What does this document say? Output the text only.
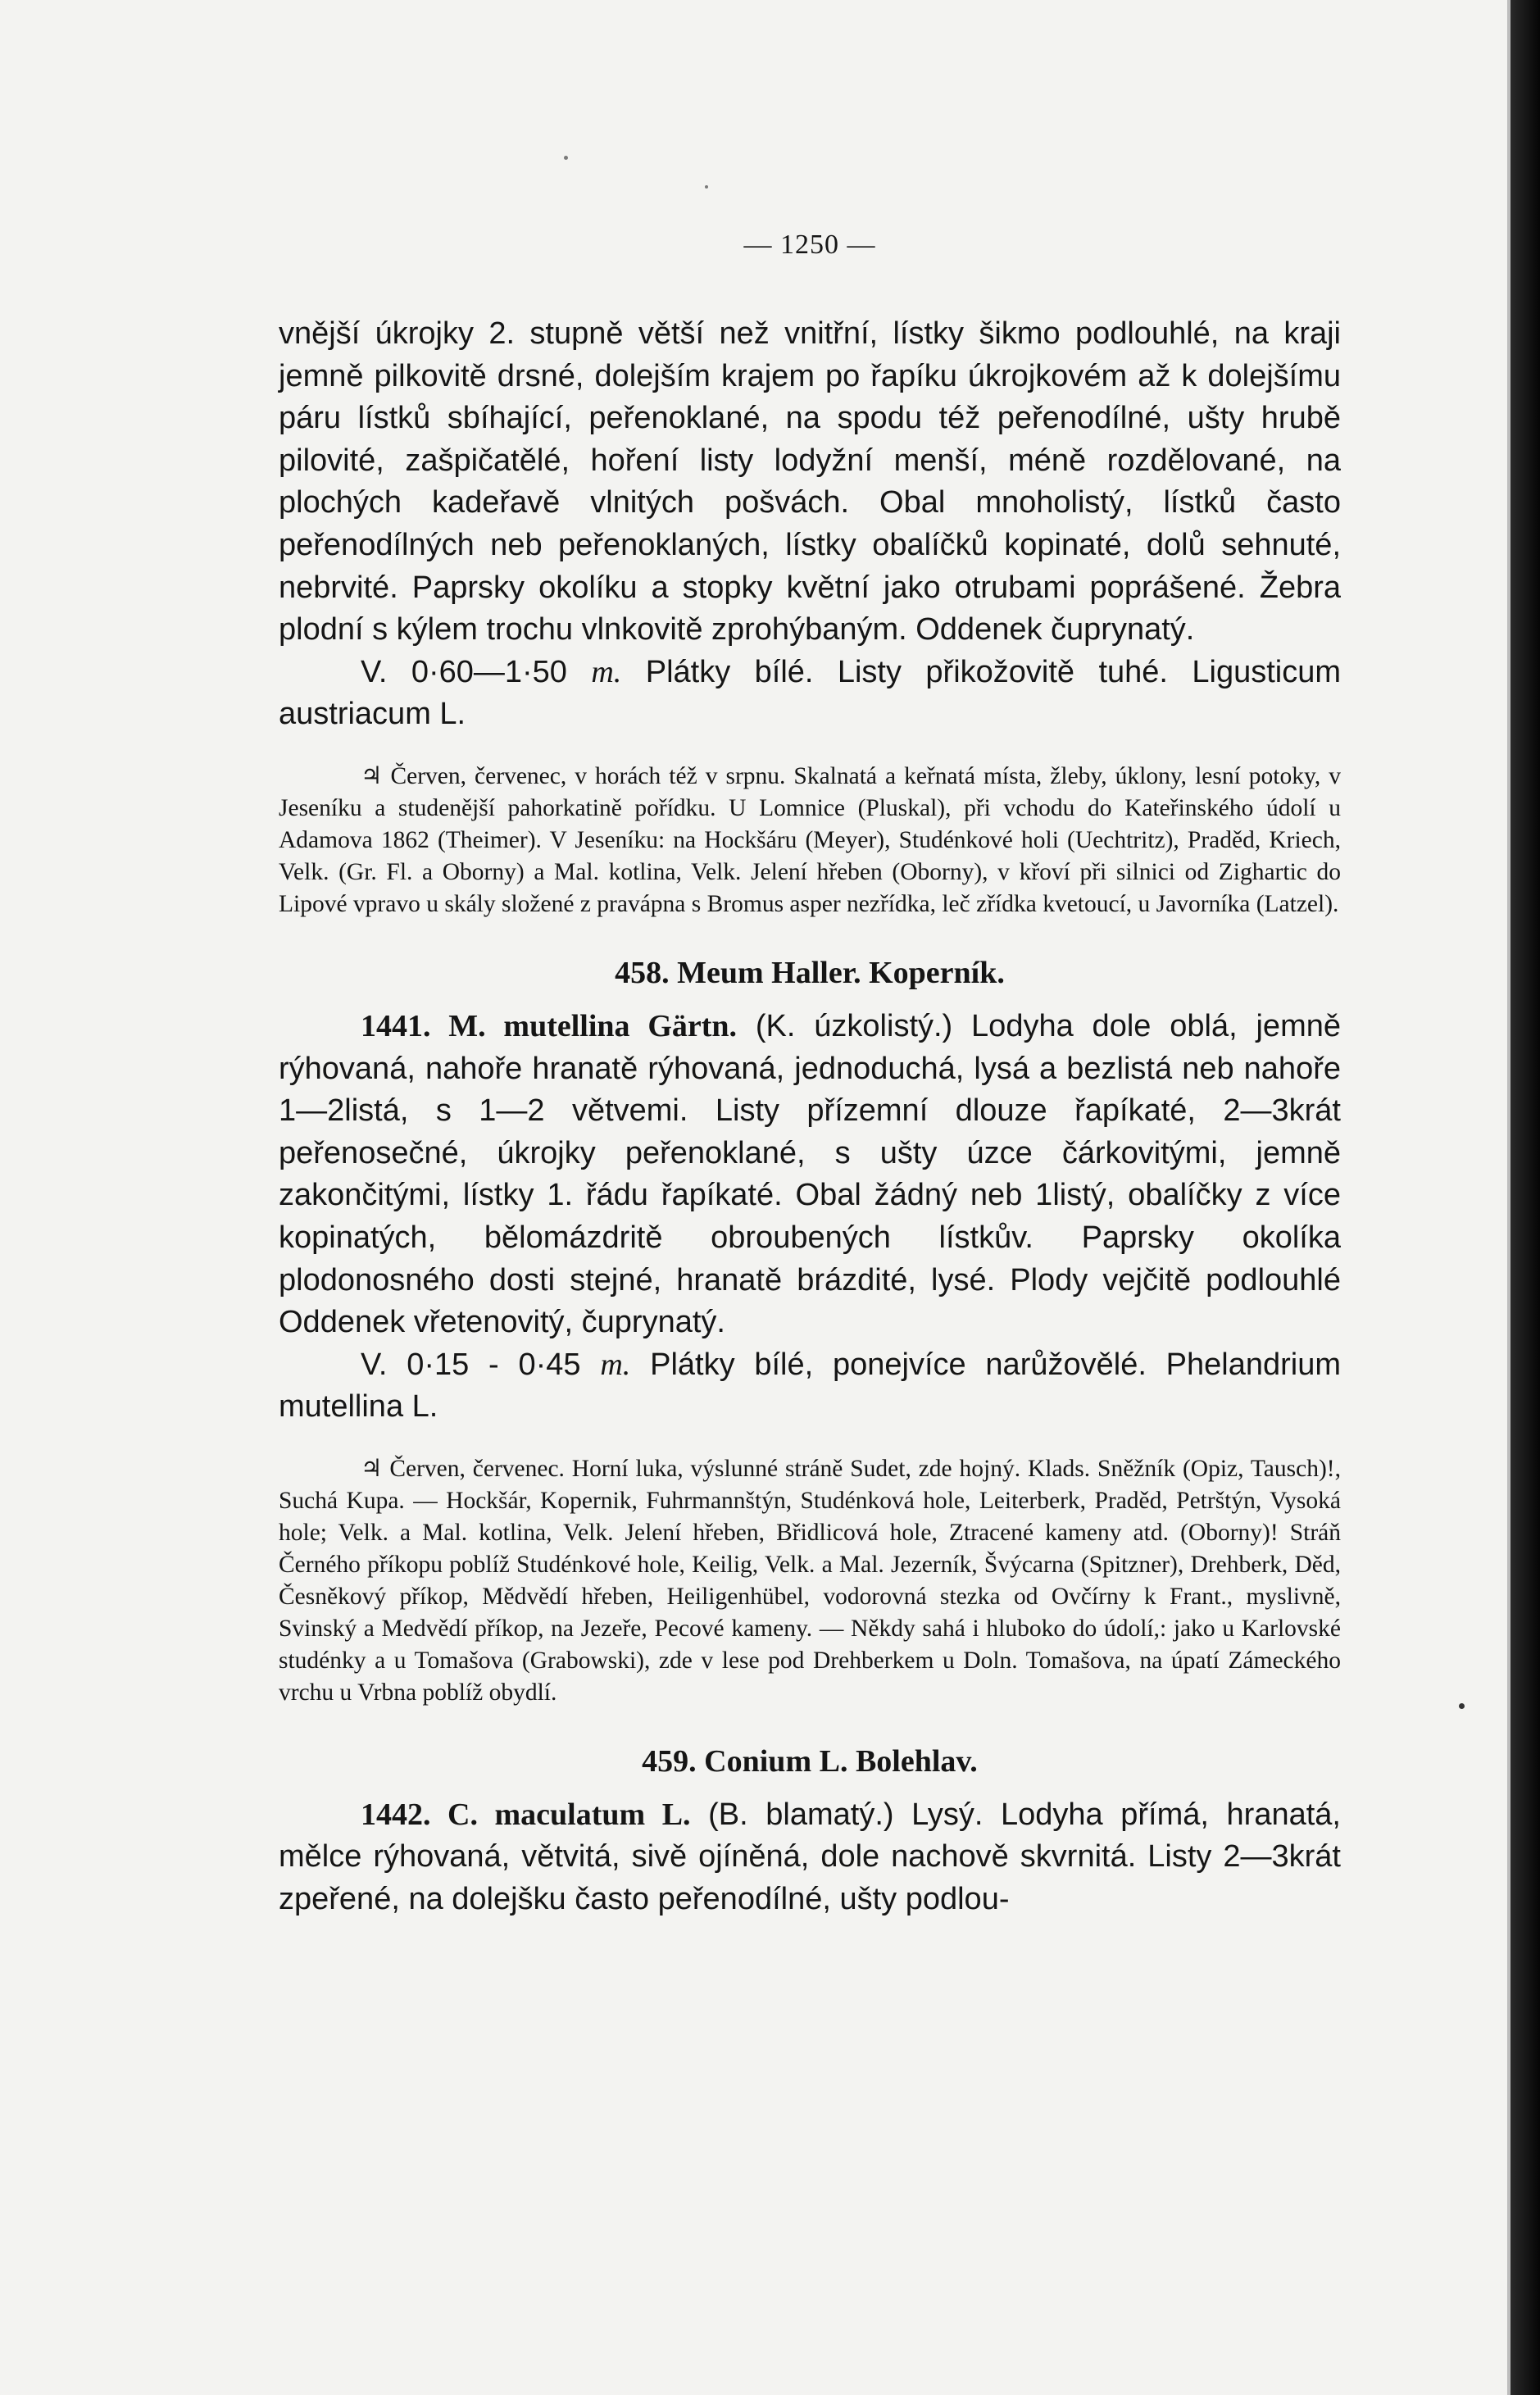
— 1250 —

vnější úkrojky 2. stupně větší než vnitřní, lístky šikmo podlouhlé, na kraji jemně pilkovitě drsné, dolejším krajem po řapíku úkrojkovém až k dolejšímu páru lístků sbíhající, peřenoklané, na spodu též peřenodílné, ušty hrubě pilovité, zašpičatělé, hoření listy lodyžní menší, méně rozdělované, na plochých kadeřavě vlnitých pošvách. Obal mnoholistý, lístků často peřenodílných neb peřenoklaných, lístky obalíčků kopinaté, dolů sehnuté, nebrvité. Paprsky okolíku a stopky květní jako otrubami poprášené. Žebra plodní s kýlem trochu vlnkovitě zprohýbaným. Oddenek čuprynatý.

V. 0·60—1·50 m. Plátky bílé. Listy přikožovitě tuhé. Ligusticum austriacum L.

♃ Červen, červenec, v horách též v srpnu. Skalnatá a keřnatá místa, žleby, úklony, lesní potoky, v Jeseníku a studenější pahorkatině pořídku. U Lomnice (Pluskal), při vchodu do Kateřinského údolí u Adamova 1862 (Theimer). V Jeseníku: na Hockšáru (Meyer), Studénkové holi (Uechtritz), Praděd, Kriech, Velk. (Gr. Fl. a Oborny) a Mal. kotlina, Velk. Jelení hřeben (Oborny), v křoví při silnici od Zighartic do Lipové vpravo u skály složené z pravápna s Bromus asper nezřídka, leč zřídka kvetoucí, u Javorníka (Latzel).

458. Meum Haller. Koperník.

1441. M. mutellina Gärtn. (K. úzkolistý.) Lodyha dole oblá, jemně rýhovaná, nahoře hranatě rýhovaná, jednoduchá, lysá a bezlistá neb nahoře 1—2listá, s 1—2 větvemi. Listy přízemní dlouze řapíkaté, 2—3krát peřenosečné, úkrojky peřenoklané, s ušty úzce čárkovitými, jemně zakončitými, lístky 1. řádu řapíkaté. Obal žádný neb 1listý, obalíčky z více kopinatých, bělomázdritě obroubených lístkův. Paprsky okolíka plodonosného dosti stejné, hranatě brázdité, lysé. Plody vejčitě podlouhlé Oddenek vřetenovitý, čuprynatý.

V. 0·15 - 0·45 m. Plátky bílé, ponejvíce narůžovělé. Phelandrium mutellina L.

♃ Červen, červenec. Horní luka, výslunné stráně Sudet, zde hojný. Klads. Sněžník (Opiz, Tausch)!, Suchá Kupa. — Hockšár, Kopernik, Fuhrmannštýn, Studénková hole, Leiterberk, Praděd, Petrštýn, Vysoká hole; Velk. a Mal. kotlina, Velk. Jelení hřeben, Břidlicová hole, Ztracené kameny atd. (Oborny)! Stráň Černého příkopu poblíž Studénkové hole, Keilig, Velk. a Mal. Jezerník, Švýcarna (Spitzner), Drehberk, Děd, Česněkový příkop, Mědvědí hřeben, Heiligenhübel, vodorovná stezka od Ovčírny k Frant., myslivně, Svinský a Medvědí příkop, na Jezeře, Pecové kameny. — Někdy sahá i hluboko do údolí,: jako u Karlovské studénky a u Tomašova (Grabowski), zde v lese pod Drehberkem u Doln. Tomašova, na úpatí Zámeckého vrchu u Vrbna poblíž obydlí.

459. Conium L. Bolehlav.

1442. C. maculatum L. (B. blamatý.) Lysý. Lodyha přímá, hranatá, mělce rýhovaná, větvitá, sivě ojíněná, dole nachově skvrnitá. Listy 2—3krát zpeřené, na dolejšku často peřenodílné, ušty podlou-
